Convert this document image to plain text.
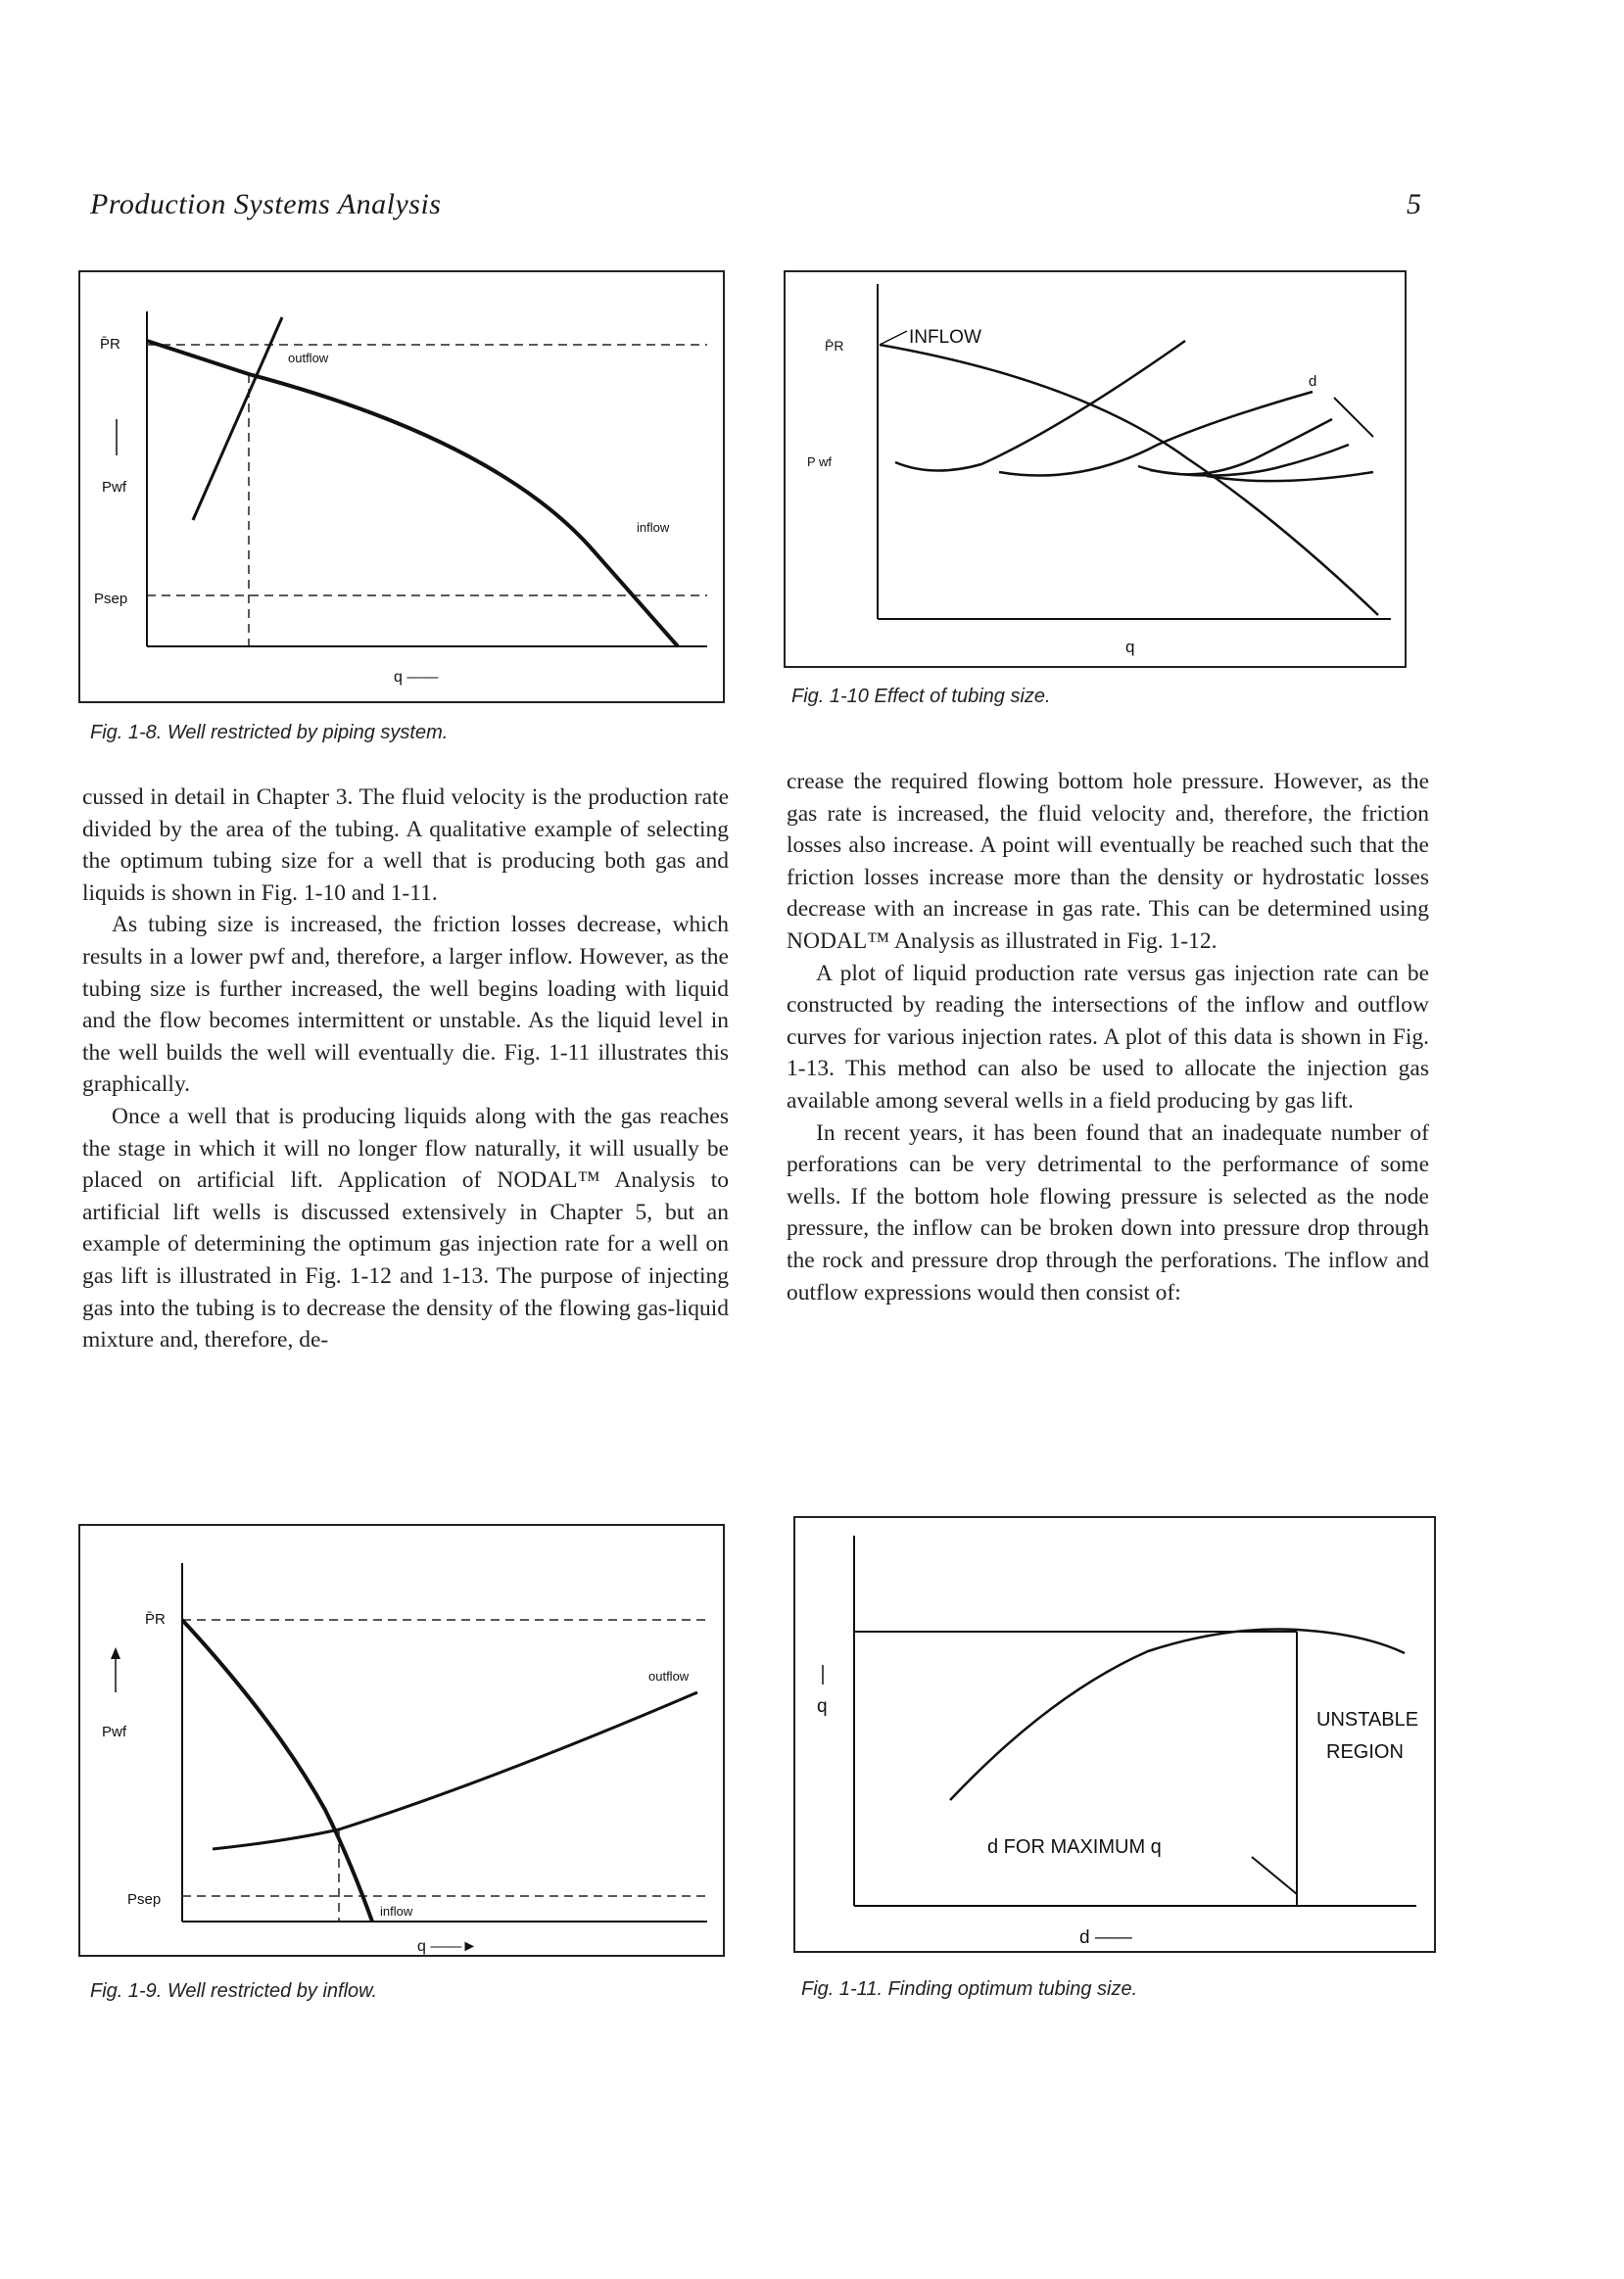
Production Systems Analysis	5
P̄R
Pwf
Psep
outflow
inflow
q ——
Fig. 1-8. Well restricted by piping system.
d
INFLOW
P̄R
P wf
q
Fig. 1-10 Effect of tubing size.

cussed in detail in Chapter 3. The fluid velocity is the production rate divided by the area of the tubing. A qualitative example of selecting the optimum tubing size for a well that is producing both gas and liquids is shown in Fig. 1-10 and 1-11.

As tubing size is increased, the friction losses decrease, which results in a lower pwf and, therefore, a larger inflow. However, as the tubing size is further increased, the well begins loading with liquid and the flow becomes intermittent or unstable. As the liquid level in the well builds the well will eventually die. Fig. 1-11 illustrates this graphically.

Once a well that is producing liquids along with the gas reaches the stage in which it will no longer flow naturally, it will usually be placed on artificial lift. Application of NODAL™ Analysis to artificial lift wells is discussed extensively in Chapter 5, but an example of determining the optimum gas injection rate for a well on gas lift is illustrated in Fig. 1-12 and 1-13. The purpose of injecting gas into the tubing is to decrease the density of the flowing gas-liquid mixture and, therefore, de-

crease the required flowing bottom hole pressure. However, as the gas rate is increased, the fluid velocity and, therefore, the friction losses also increase. A point will eventually be reached such that the friction losses increase more than the density or hydrostatic losses decrease with an increase in gas rate. This can be determined using NODAL™ Analysis as illustrated in Fig. 1-12.

A plot of liquid production rate versus gas injection rate can be constructed by reading the intersections of the inflow and outflow curves for various injection rates. A plot of this data is shown in Fig. 1-13. This method can also be used to allocate the injection gas available among several wells in a field producing by gas lift.

In recent years, it has been found that an inadequate number of perforations can be very detrimental to the performance of some wells. If the bottom hole flowing pressure is selected as the node pressure, the inflow can be broken down into pressure drop through the rock and pressure drop through the perforations. The inflow and outflow expressions would then consist of:

P̄R
Pwf
Psep
outflow
inflow
q ——►
Fig. 1-9. Well restricted by inflow.
q
UNSTABLE
REGION
d FOR MAXIMUM q
d ——
Fig. 1-11. Finding optimum tubing size.
